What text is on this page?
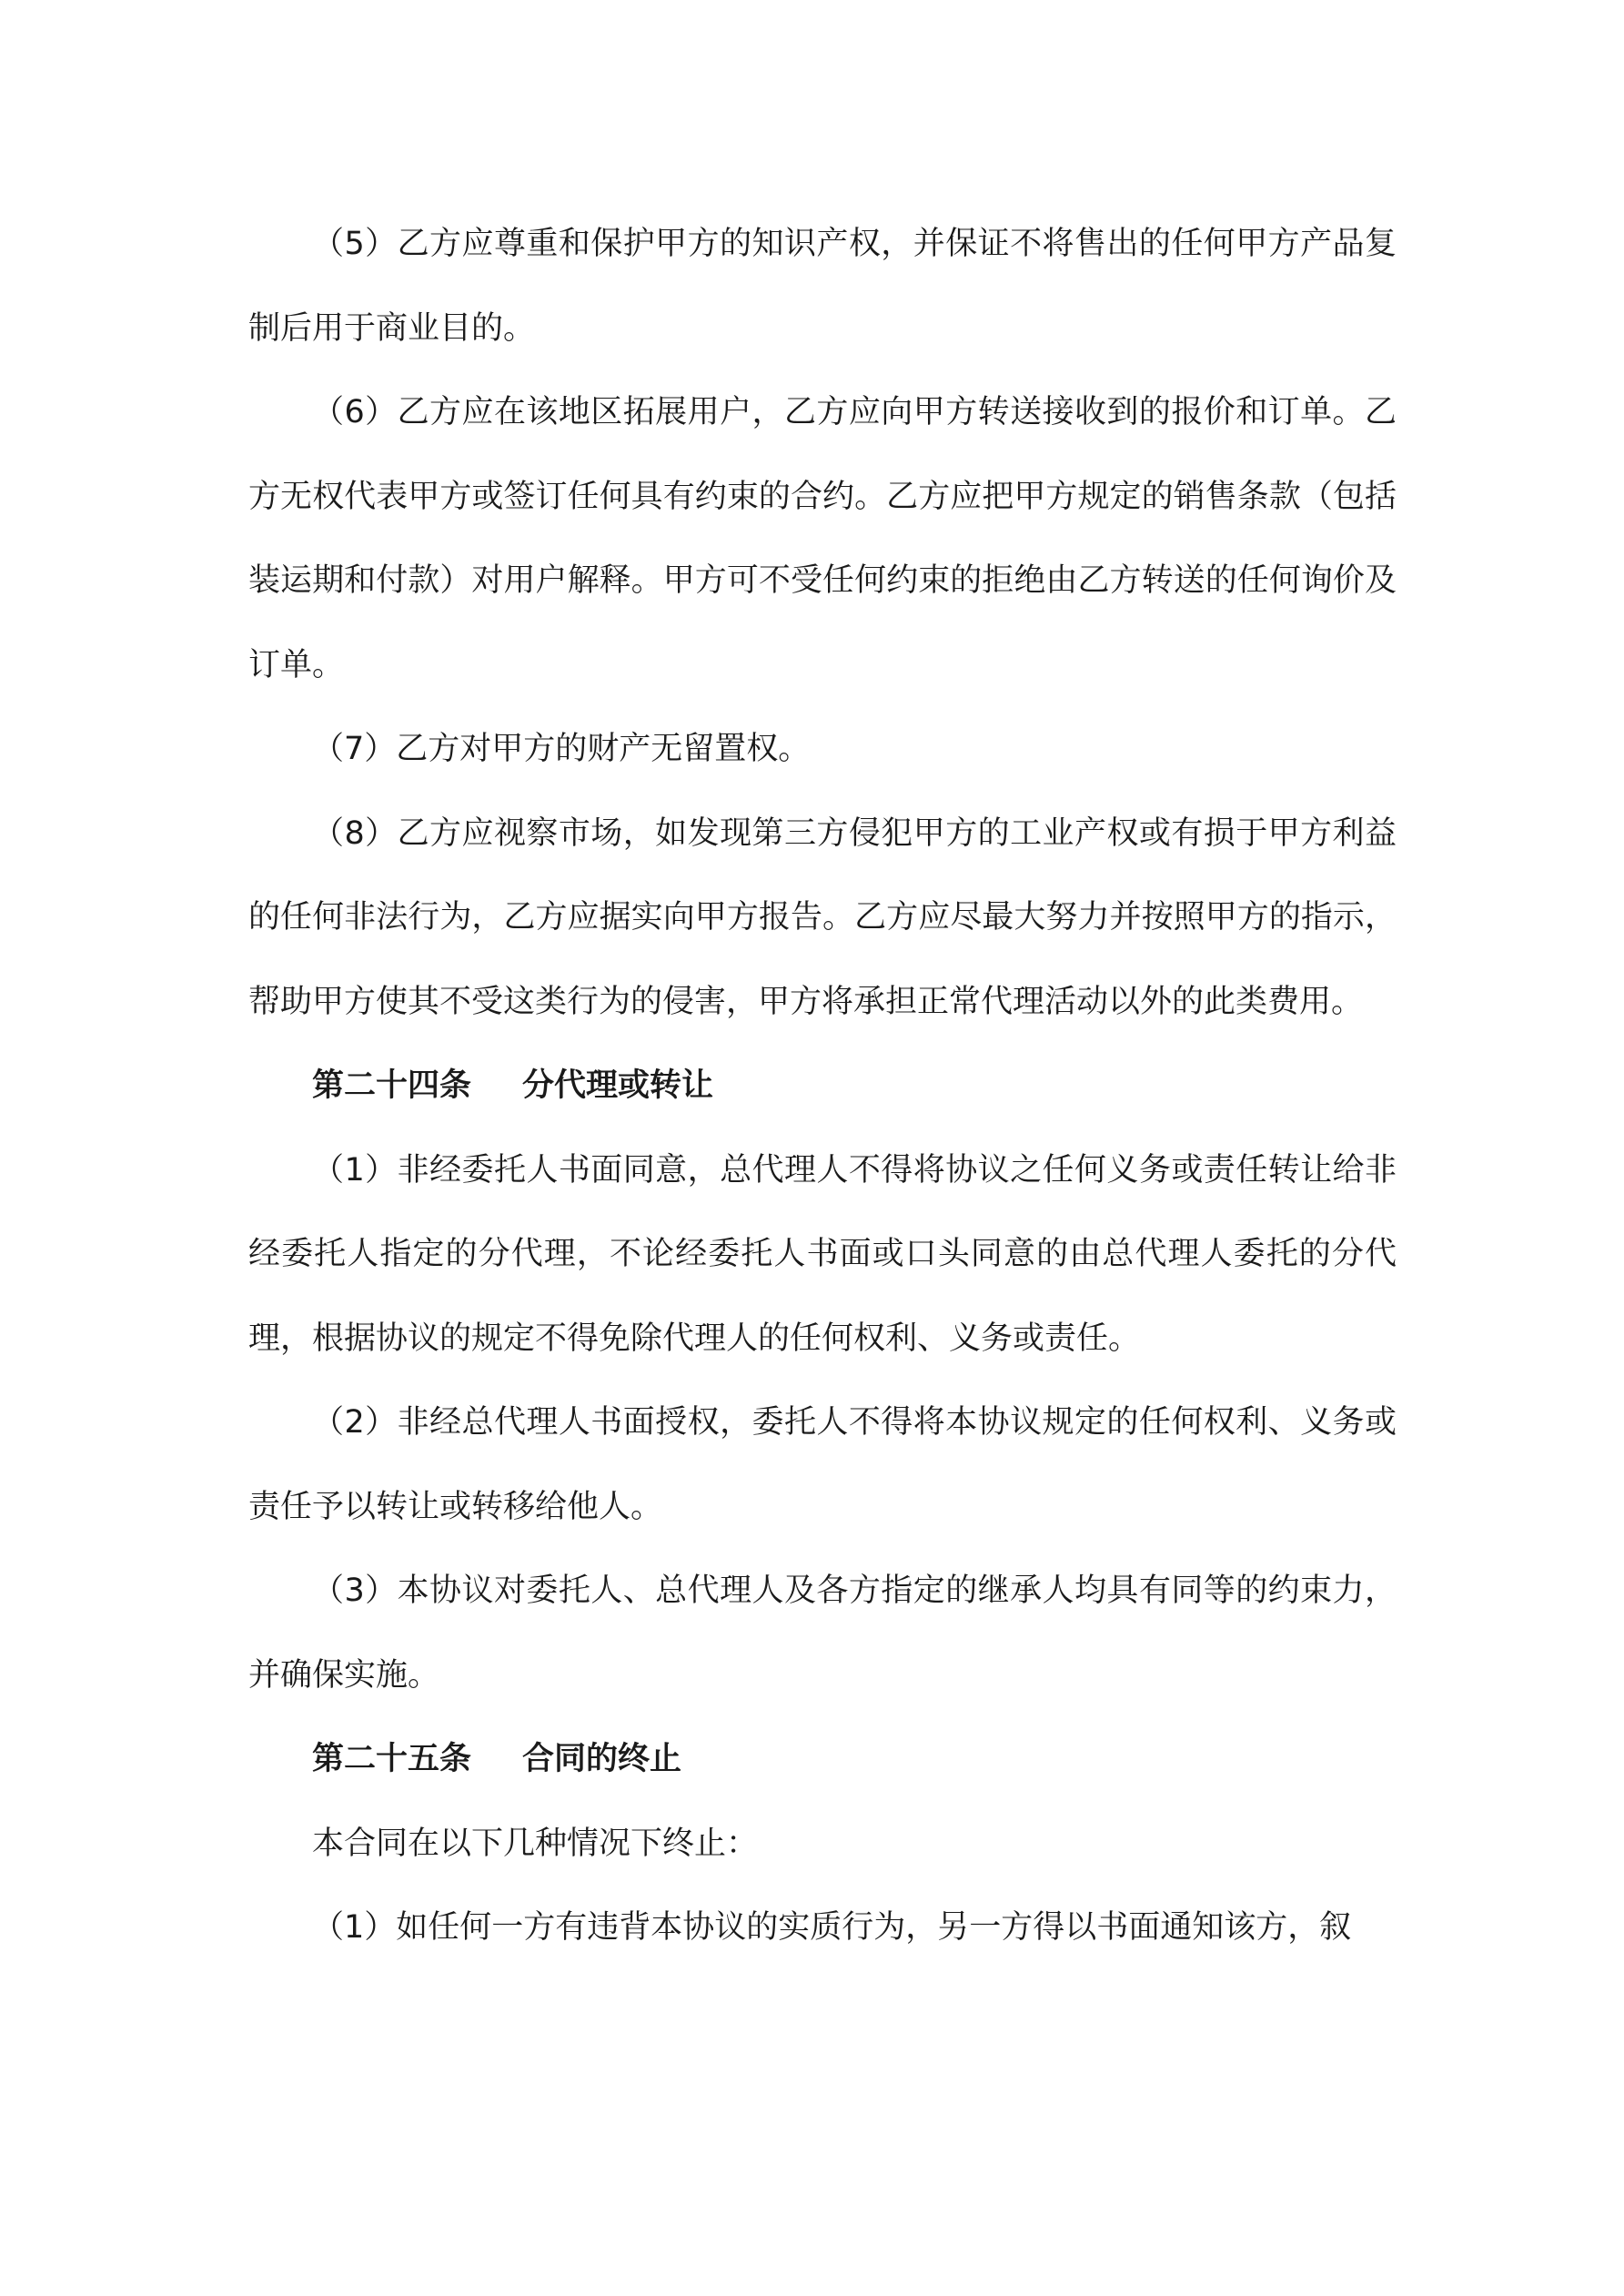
（5）乙方应尊重和保护甲方的知识产权，并保证不将售出的任何甲方产品复制后用于商业目的。

（6）乙方应在该地区拓展用户，乙方应向甲方转送接收到的报价和订单。乙方无权代表甲方或签订任何具有约束的合约。乙方应把甲方规定的销售条款（包括装运期和付款）对用户解释。甲方可不受任何约束的拒绝由乙方转送的任何询价及订单。

（7）乙方对甲方的财产无留置权。

（8）乙方应视察市场，如发现第三方侵犯甲方的工业产权或有损于甲方利益的任何非法行为，乙方应据实向甲方报告。乙方应尽最大努力并按照甲方的指示，帮助甲方使其不受这类行为的侵害，甲方将承担正常代理活动以外的此类费用。

第二十四条 分代理或转让

（1）非经委托人书面同意，总代理人不得将协议之任何义务或责任转让给非经委托人指定的分代理，不论经委托人书面或口头同意的由总代理人委托的分代理，根据协议的规定不得免除代理人的任何权利、义务或责任。

（2）非经总代理人书面授权，委托人不得将本协议规定的任何权利、义务或责任予以转让或转移给他人。

（3）本协议对委托人、总代理人及各方指定的继承人均具有同等的约束力，并确保实施。

第二十五条 合同的终止

本合同在以下几种情况下终止：

（1）如任何一方有违背本协议的实质行为，另一方得以书面通知该方，叙
